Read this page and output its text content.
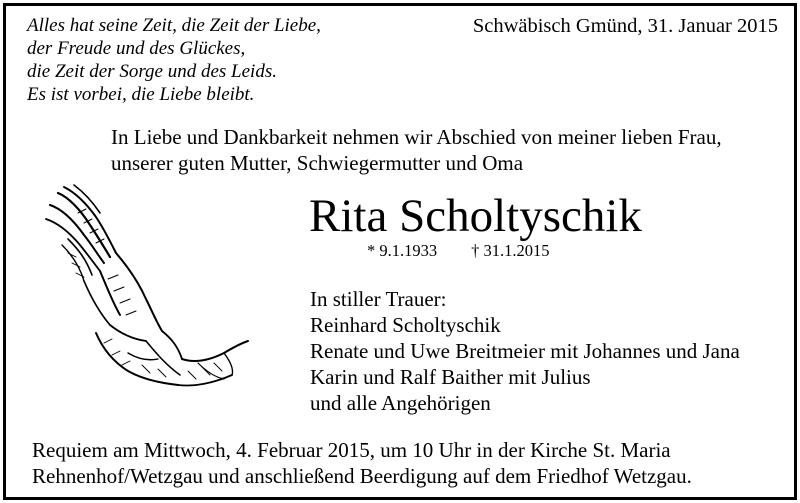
Alles hat seine Zeit, die Zeit der Liebe,
der Freude und des Glückes,
die Zeit der Sorge und des Leids.
Es ist vorbei, die Liebe bleibt.
Schwäbisch Gmünd, 31. Januar 2015
In Liebe und Dankbarkeit nehmen wir Abschied von meiner lieben Frau,
unserer guten Mutter, Schwiegermutter und Oma
Rita Scholtyschik
* 9.1.1933 † 31.1.2015
In stiller Trauer:
Reinhard Scholtyschik
Renate und Uwe Breitmeier mit Johannes und Jana
Karin und Ralf Baither mit Julius
und alle Angehörigen
Requiem am Mittwoch, 4. Februar 2015, um 10 Uhr in der Kirche St. Maria
Rehnenhof/Wetzgau und anschließend Beerdigung auf dem Friedhof Wetzgau.
